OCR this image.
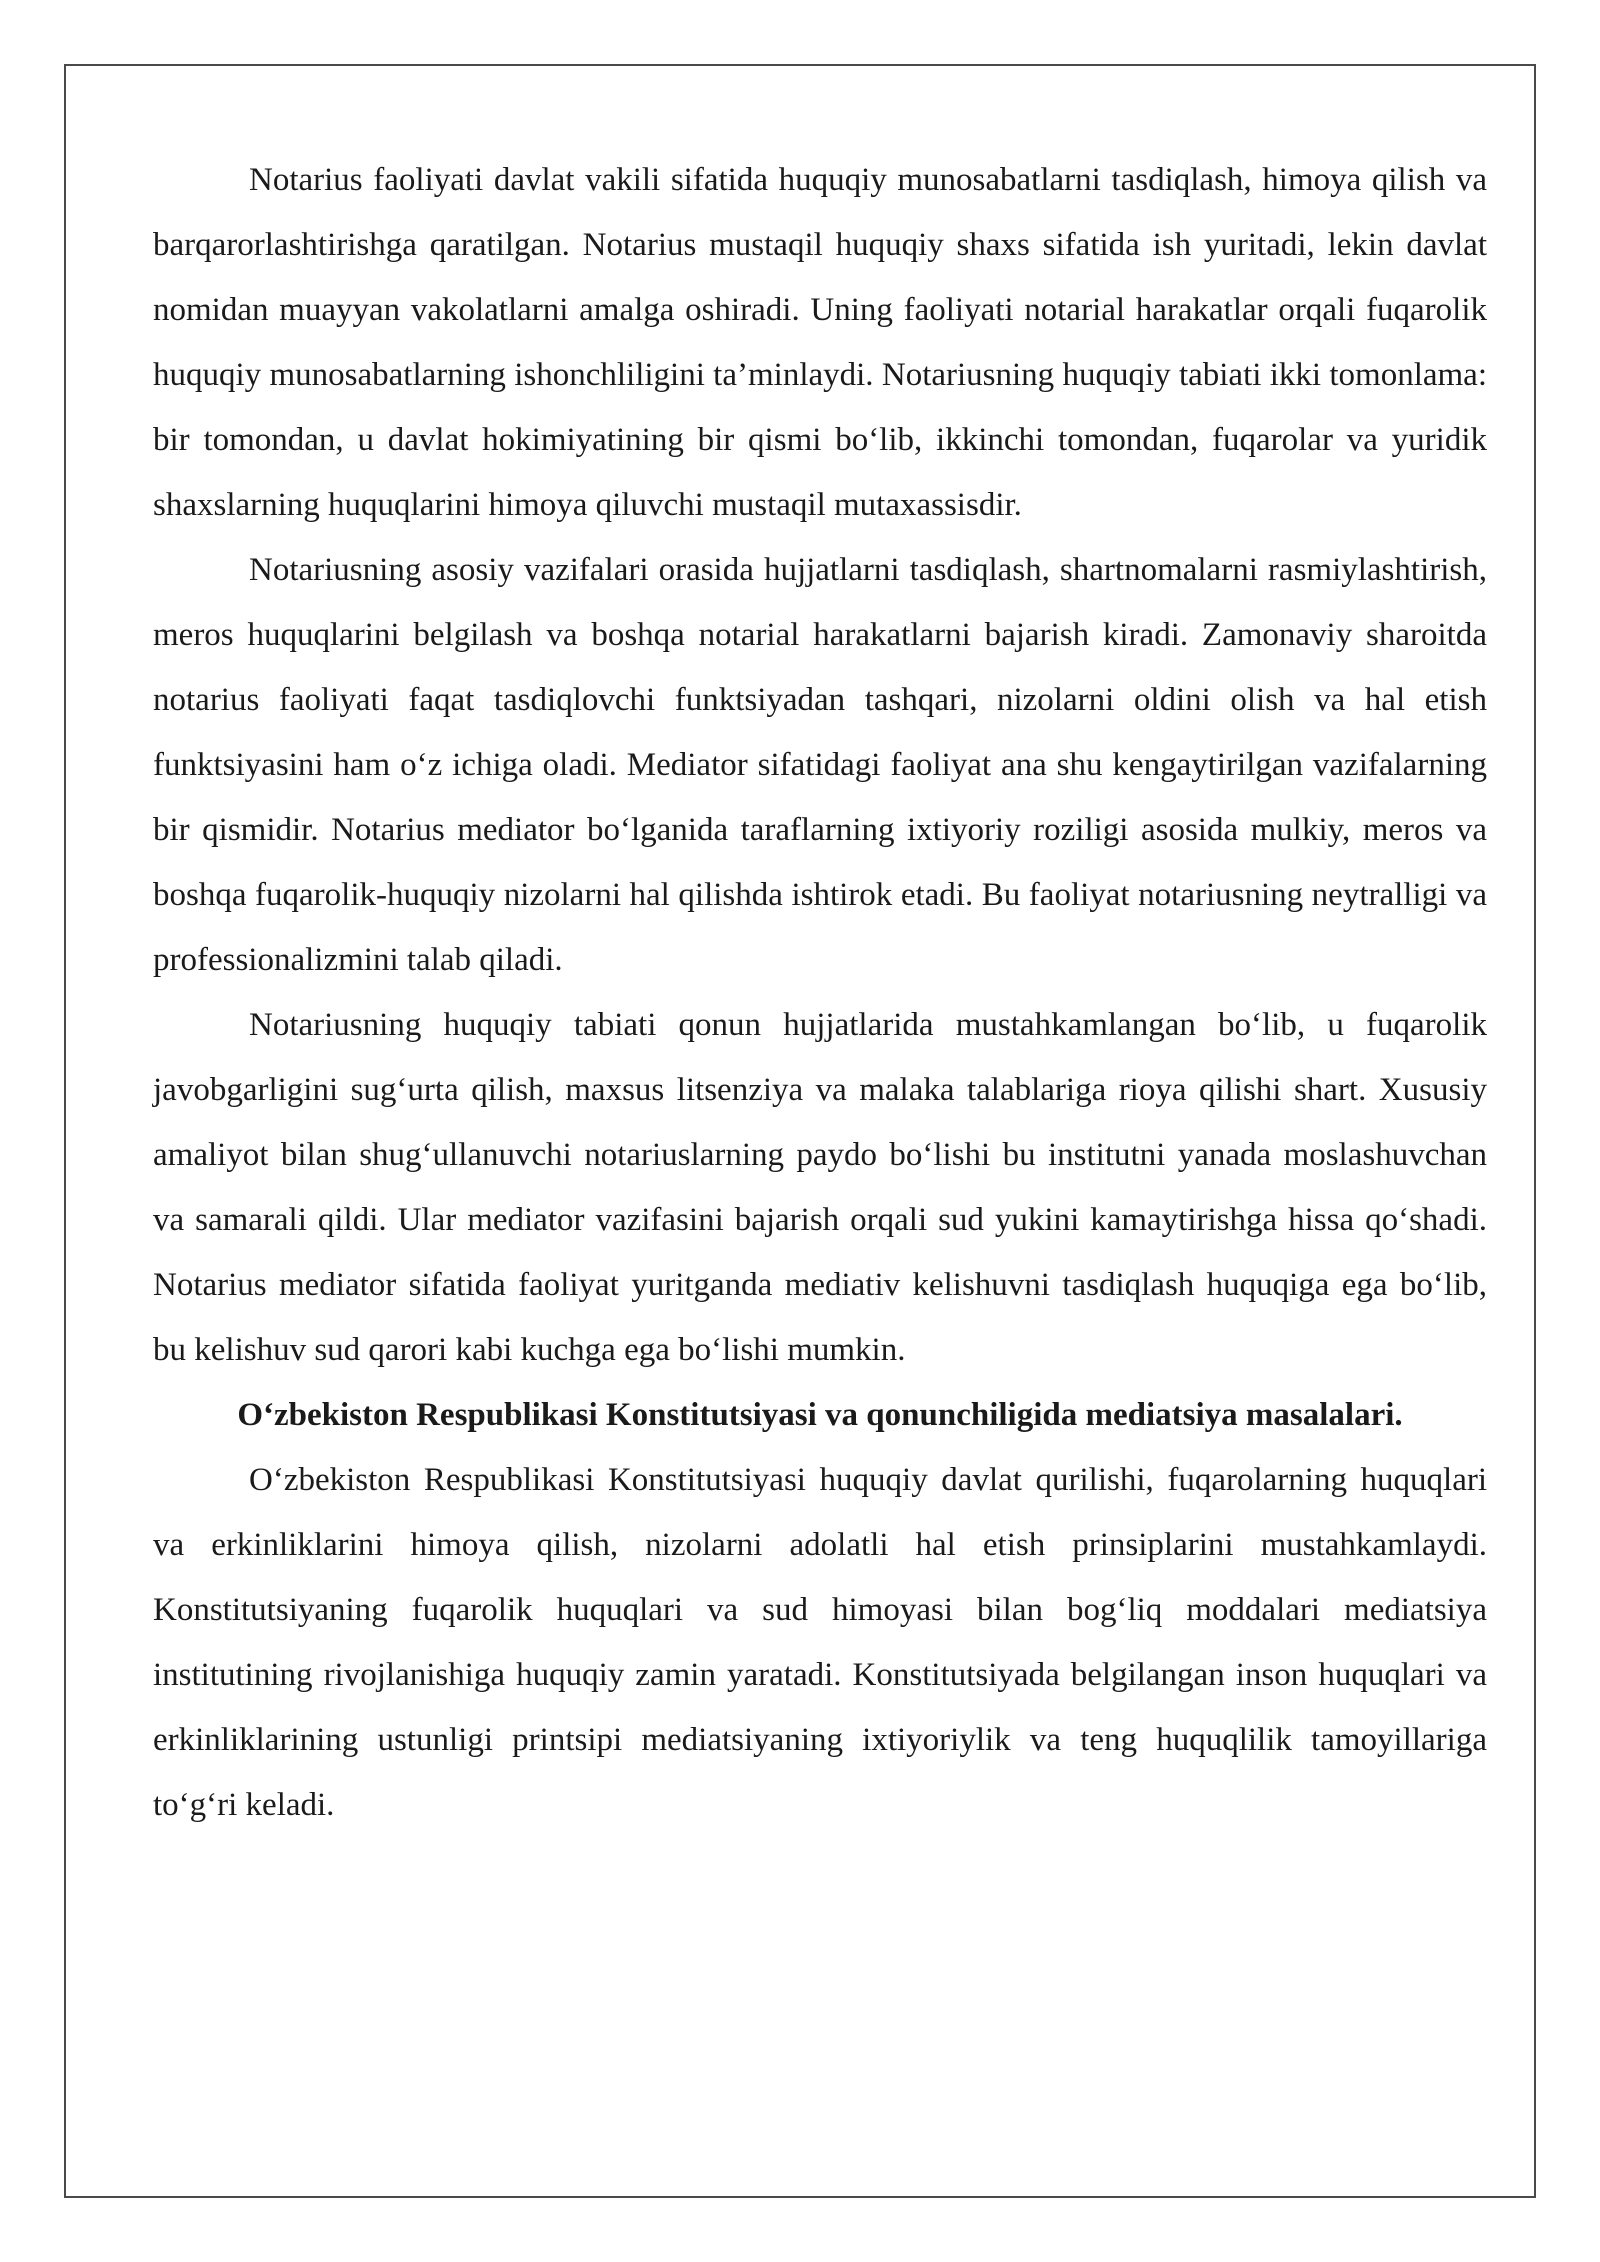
Notarius faoliyati davlat vakili sifatida huquqiy munosabatlarni tasdiqlash, himoya qilish va barqarorlashtirishga qaratilgan. Notarius mustaqil huquqiy shaxs sifatida ish yuritadi, lekin davlat nomidan muayyan vakolatlarni amalga oshiradi. Uning faoliyati notarial harakatlar orqali fuqarolik huquqiy munosabatlarning ishonchliligini ta’minlaydi. Notariusning huquqiy tabiati ikki tomonlama: bir tomondan, u davlat hokimiyatining bir qismi bo‘lib, ikkinchi tomondan, fuqarolar va yuridik shaxslarning huquqlarini himoya qiluvchi mustaqil mutaxassisdir.

Notariusning asosiy vazifalari orasida hujjatlarni tasdiqlash, shartnomalarni rasmiylashtirish, meros huquqlarini belgilash va boshqa notarial harakatlarni bajarish kiradi. Zamonaviy sharoitda notarius faoliyati faqat tasdiqlovchi funktsiyadan tashqari, nizolarni oldini olish va hal etish funktsiyasini ham o‘z ichiga oladi. Mediator sifatidagi faoliyat ana shu kengaytirilgan vazifalarning bir qismidir. Notarius mediator bo‘lganida taraflarning ixtiyoriy roziligi asosida mulkiy, meros va boshqa fuqarolik-huquqiy nizolarni hal qilishda ishtirok etadi. Bu faoliyat notariusning neytralligi va professionalizmini talab qiladi.

Notariusning huquqiy tabiati qonun hujjatlarida mustahkamlangan bo‘lib, u fuqarolik javobgarligini sug‘urta qilish, maxsus litsenziya va malaka talablariga rioya qilishi shart. Xususiy amaliyot bilan shug‘ullanuvchi notariuslarning paydo bo‘lishi bu institutni yanada moslashuvchan va samarali qildi. Ular mediator vazifasini bajarish orqali sud yukini kamaytirishga hissa qo‘shadi. Notarius mediator sifatida faoliyat yuritganda mediativ kelishuvni tasdiqlash huquqiga ega bo‘lib, bu kelishuv sud qarori kabi kuchga ega bo‘lishi mumkin.

O‘zbekiston Respublikasi Konstitutsiyasi va qonunchiligida mediatsiya masalalari.

O‘zbekiston Respublikasi Konstitutsiyasi huquqiy davlat qurilishi, fuqarolarning huquqlari va erkinliklarini himoya qilish, nizolarni adolatli hal etish prinsiplarini mustahkamlaydi. Konstitutsiyaning fuqarolik huquqlari va sud himoyasi bilan bog‘liq moddalari mediatsiya institutining rivojlanishiga huquqiy zamin yaratadi. Konstitutsiyada belgilangan inson huquqlari va erkinliklarining ustunligi printsipi mediatsiyaning ixtiyoriylik va teng huquqlilik tamoyillariga to‘g‘ri keladi.
